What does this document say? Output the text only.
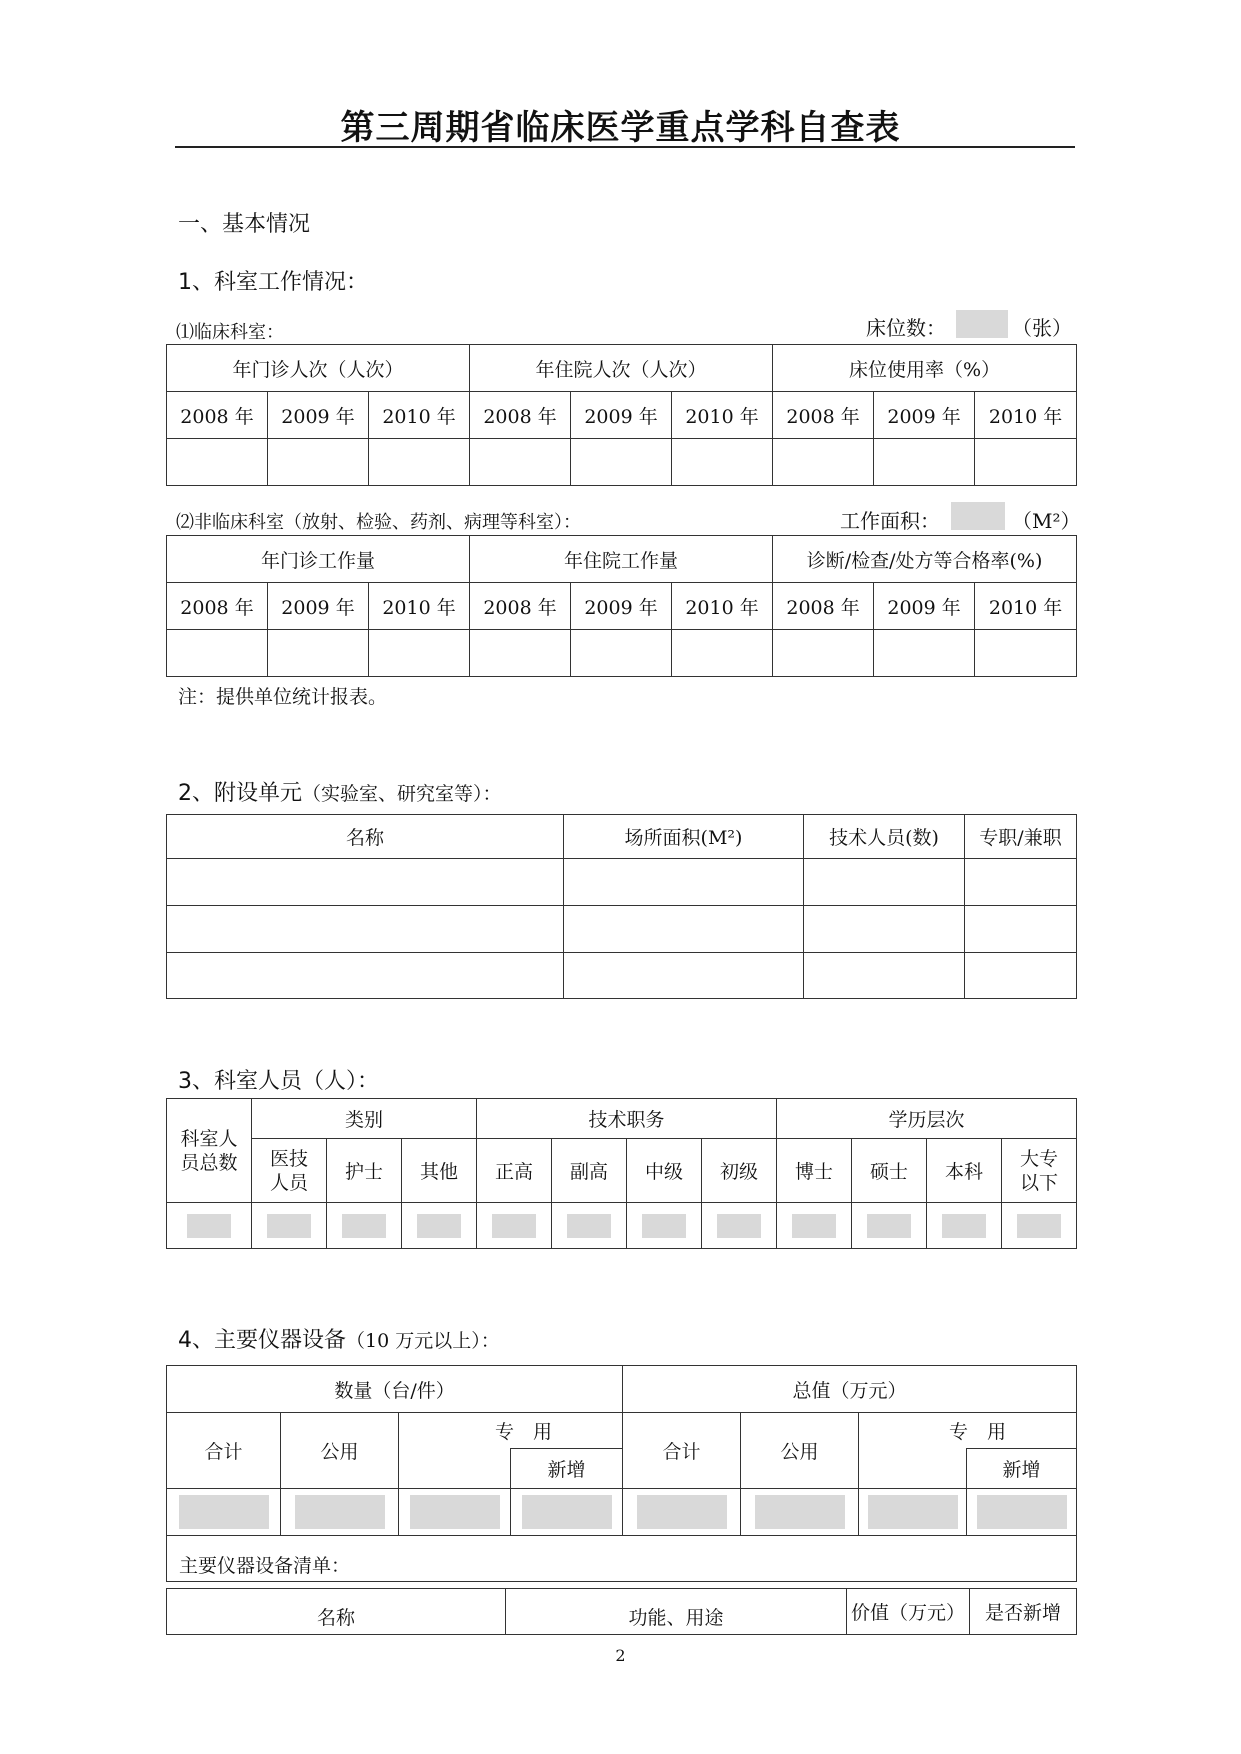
第三周期省临床医学重点学科自查表
一、基本情况
1、科室工作情况：
⑴临床科室：	床位数：	（张）
年门诊人次（人次）			年住院人次（人次）			床位使用率（%）		
2008 年	2009 年	2010 年	2008 年	2009 年	2010 年	2008 年	2009 年	2010 年

⑵非临床科室（放射、检验、药剂、病理等科室）：	工作面积：	（M²）
年门诊工作量			年住院工作量			诊断/检查/处方等合格率(%)		
2008 年	2009 年	2010 年	2008 年	2009 年	2010 年	2008 年	2009 年	2010 年

注：提供单位统计报表。
2、附设单元（实验室、研究室等）：
名称	场所面积(M²)	技术人员(数)	专职/兼职

3、科室人员（人）：
科室人员总数	类别			技术职务				学历层次			
	医技人员	护士	其他	正高	副高	中级	初级	博士	硕士	本科	大专以下

4、主要仪器设备（10 万元以上）：
数量（台/件）				总值（万元）			
合计	公用	专　用		合计	公用	专　用	
			新增				新增

主要仪器设备清单：							
名称	功能、用途	价值（万元）	是否新增
2
